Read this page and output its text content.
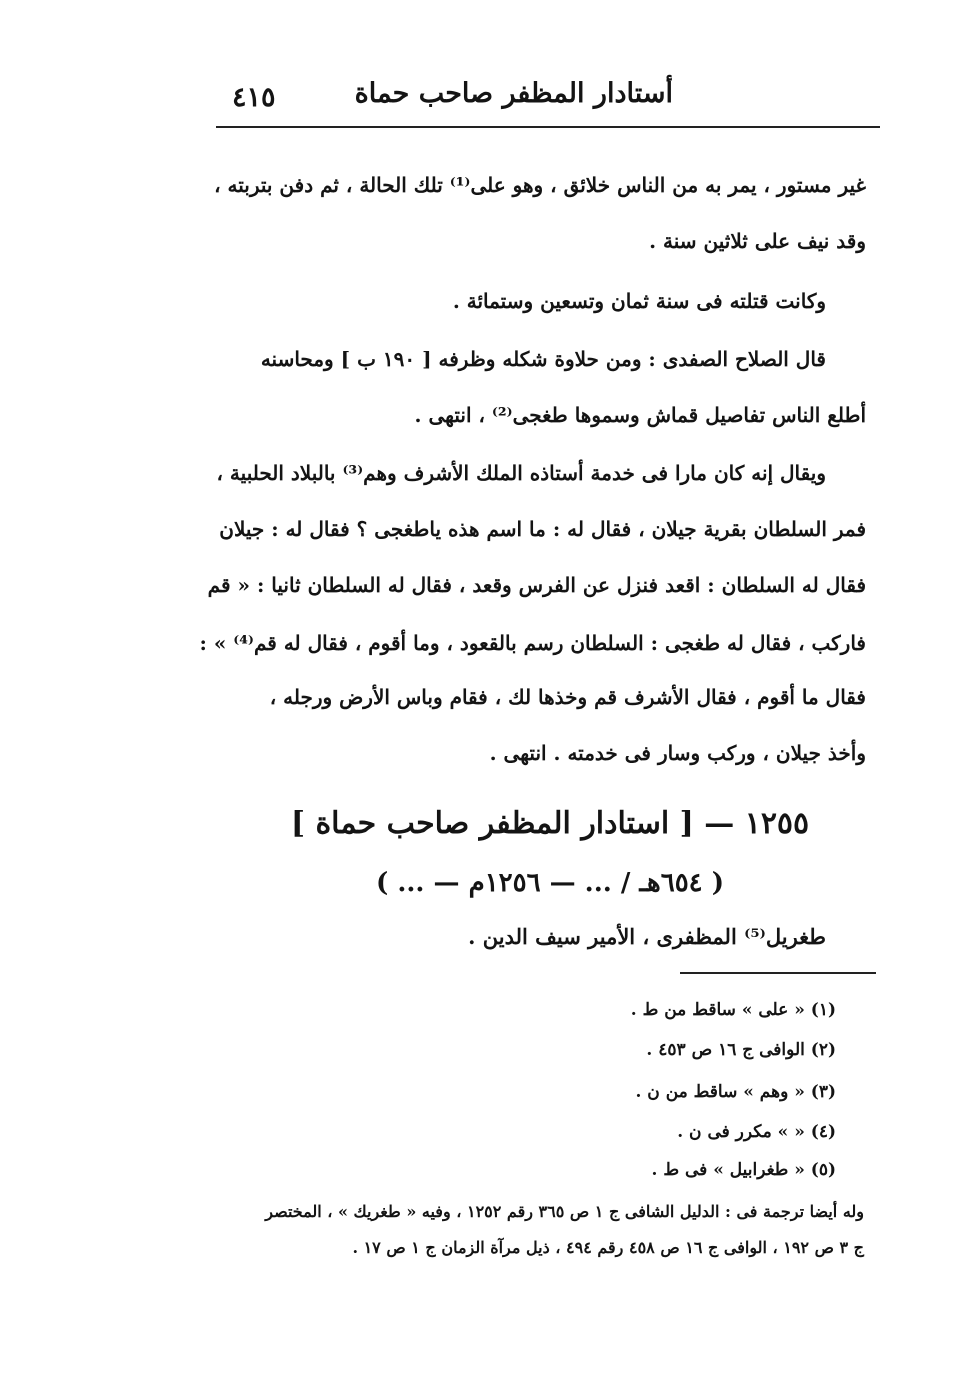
أستادار المظفر صاحب حماة
٤١٥
غير مستور ، يمر به من الناس خلائق ، وهو على⁽¹⁾ تلك الحالة ، ثم دفن بتربته ،
وقد نيف على ثلاثين سنة .
وكانت قتلته فى سنة ثمان وتسعين وستمائة .
قال الصلاح الصفدى : ومن حلاوة شكله وظرفه [ ١٩٠ ب ] ومحاسنه
أطلع الناس تفاصيل قماش وسموها طغجى⁽²⁾ ، انتهى .
ويقال إنه كان مارا فى خدمة أستاذه الملك الأشرف وهم⁽³⁾ بالبلاد الحلبية ،
فمر السلطان بقرية جيلان ، فقال له : ما اسم هذه ياطغجى ؟ فقال له : جيلان
فقال له السلطان : اقعد فنزل عن الفرس وقعد ، فقال له السلطان ثانيا : « قم
فاركب ، فقال له طغجى : السلطان رسم بالقعود ، وما أقوم ، فقال له قم⁽⁴⁾ » :
فقال ما أقوم ، فقال الأشرف قم وخذها لك ، فقام وباس الأرض ورجله ،
وأخذ جيلان ، وركب وسار فى خدمته . انتهى .
١٢٥٥ — [ استادار المظفر صاحب حماة ]
( ... — ٦٥٤هـ / ... — ١٢٥٦م )
طغريل⁽⁵⁾ المظفرى ، الأمير سيف الدين .
(١) « على » ساقط من ط .
(٢) الوافى ج ١٦ ص ٤٥٣ .
(٣) « وهم » ساقط من ن .
(٤) « » مكرر فى ن .
(٥) « طغرابيل » فى ط .
وله أيضا ترجمة فى : الدليل الشافى ج ١ ص ٣٦٥ رقم ١٢٥٢ ، وفيه « طغريك » ، المختصر
ج ٣ ص ١٩٢ ، الوافى ج ١٦ ص ٤٥٨ رقم ٤٩٤ ، ذيل مرآة الزمان ج ١ ص ١٧ .
